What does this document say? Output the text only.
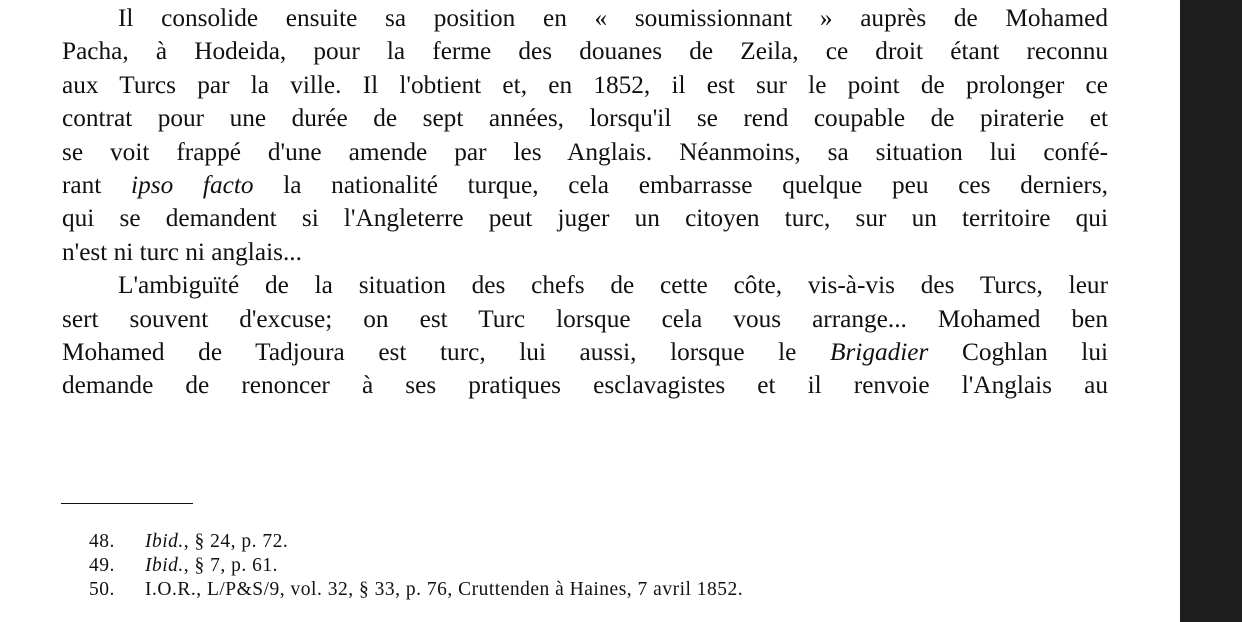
Il consolide ensuite sa position en « soumissionnant » auprès de Mohamed
Pacha, à Hodeida, pour la ferme des douanes de Zeila, ce droit étant reconnu
aux Turcs par la ville. Il l'obtient et, en 1852, il est sur le point de prolonger ce
contrat pour une durée de sept années, lorsqu'il se rend coupable de piraterie et
se voit frappé d'une amende par les Anglais. Néanmoins, sa situation lui confé-
rant ipso facto la nationalité turque, cela embarrasse quelque peu ces derniers,
qui se demandent si l'Angleterre peut juger un citoyen turc, sur un territoire qui
n'est ni turc ni anglais...
L'ambiguïté de la situation des chefs de cette côte, vis-à-vis des Turcs, leur
sert souvent d'excuse; on est Turc lorsque cela vous arrange... Mohamed ben
Mohamed de Tadjoura est turc, lui aussi, lorsque le Brigadier Coghlan lui
demande de renoncer à ses pratiques esclavagistes et il renvoie l'Anglais au
48. Ibid., § 24, p. 72.
49. Ibid., § 7, p. 61.
50. I.O.R., L/P&S/9, vol. 32, § 33, p. 76, Cruttenden à Haines, 7 avril 1852.
